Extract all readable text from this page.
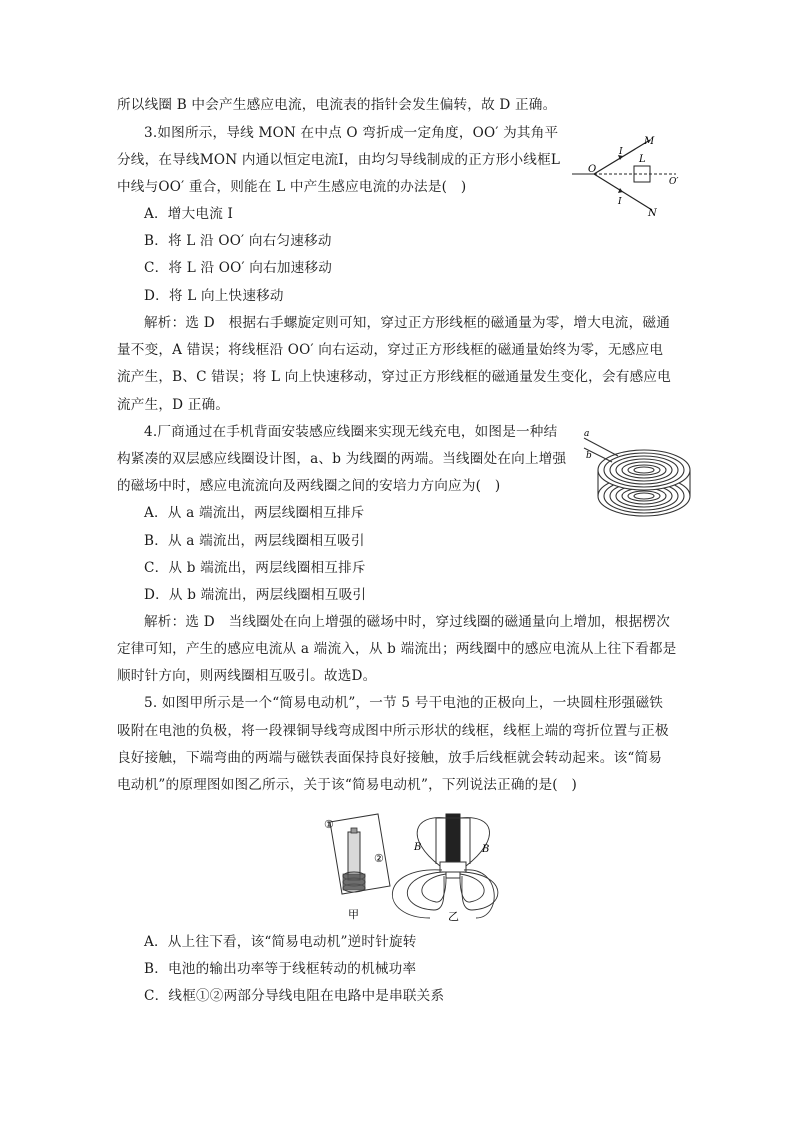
所以线圈 B 中会产生感应电流，电流表的指针会发生偏转，故 D 正确。
3.如图所示，导线 MON 在中点 O 弯折成一定角度，OO′ 为其角平
分线，在导线MON 内通以恒定电流I，由均匀导线制成的正方形小线框L
中线与OO′ 重合，则能在 L 中产生感应电流的办法是(　)
A．增大电流 I
B．将 L 沿 OO′ 向右匀速移动
C．将 L 沿 OO′ 向右加速移动
D．将 L 向上快速移动
解析：选 D　根据右手螺旋定则可知，穿过正方形线框的磁通量为零，增大电流，磁通
量不变，A 错误；将线框沿 OO′ 向右运动，穿过正方形线框的磁通量始终为零，无感应电
流产生，B、C 错误；将 L 向上快速移动，穿过正方形线框的磁通量发生变化，会有感应电
流产生，D 正确。
4.厂商通过在手机背面安装感应线圈来实现无线充电，如图是一种结
构紧凑的双层感应线圈设计图，a、b 为线圈的两端。当线圈处在向上增强
的磁场中时，感应电流流向及两线圈之间的安培力方向应为(　)
A．从 a 端流出，两层线圈相互排斥
B．从 a 端流出，两层线圈相互吸引
C．从 b 端流出，两层线圈相互排斥
D．从 b 端流出，两层线圈相互吸引
解析：选 D　当线圈处在向上增强的磁场中时，穿过线圈的磁通量向上增加，根据楞次
定律可知，产生的感应电流从 a 端流入，从 b 端流出；两线圈中的感应电流从上往下看都是
顺时针方向，则两线圈相互吸引。故选D。
5. 如图甲所示是一个“简易电动机”，一节 5 号干电池的正极向上，一块圆柱形强磁铁
吸附在电池的负极，将一段裸铜导线弯成图中所示形状的线框，线框上端的弯折位置与正极
良好接触，下端弯曲的两端与磁铁表面保持良好接触，放手后线框就会转动起来。该“简易
电动机”的原理图如图乙所示，关于该“简易电动机”，下列说法正确的是(　)
A．从上往下看，该“简易电动机”逆时针旋转
B．电池的输出功率等于线框转动的机械功率
C．线框①②两部分导线电阻在电路中是串联关系
M
N
O
O′
L
I
I
a
b
①
②
甲
B	B
乙
